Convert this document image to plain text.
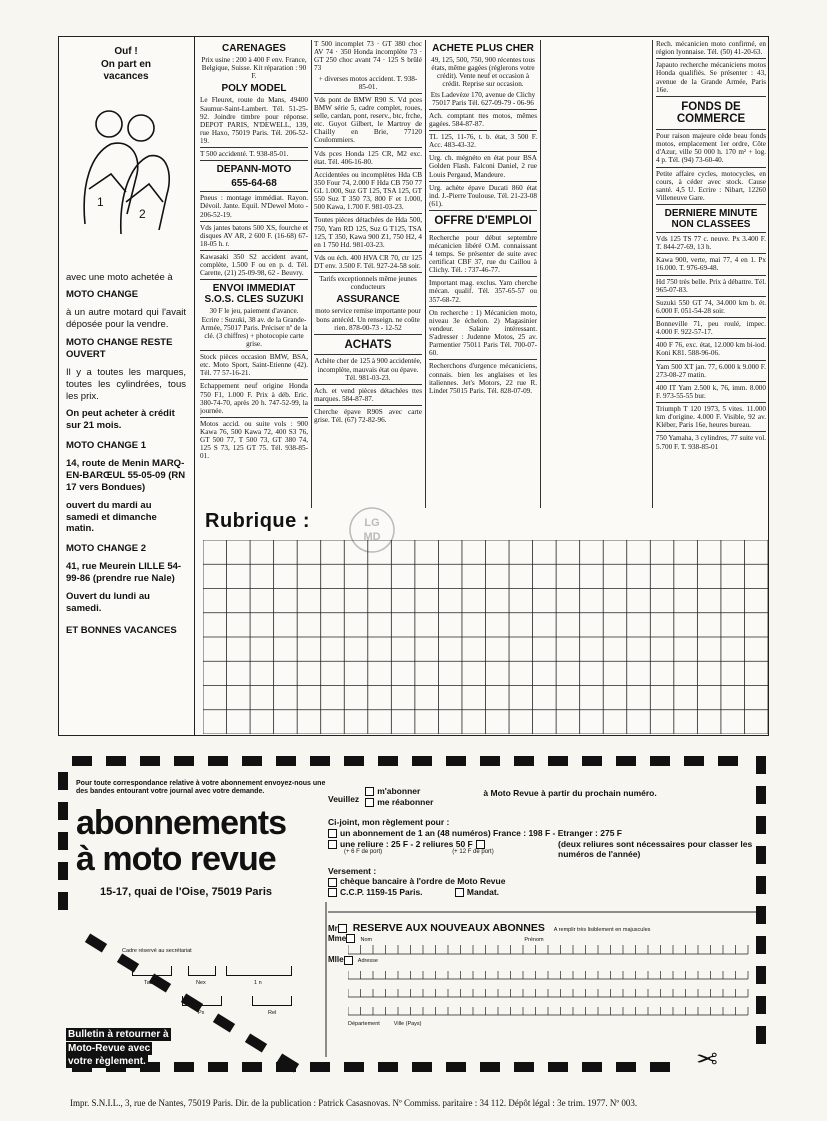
Ouf !
On part en vacances
1
2

avec une moto achetée à

MOTO CHANGE

à un autre motard qui l'avait déposée pour la vendre.

MOTO CHANGE RESTE OUVERT

Il y a toutes les marques, toutes les cylindrées, tous les prix.

On peut acheter à crédit sur 21 mois.

MOTO CHANGE 1

14, route de Menin MARQ-EN-BARŒUL 55-05-09 (RN 17 vers Bondues)

ouvert du mardi au samedi et dimanche matin.

MOTO CHANGE 2

41, rue Meurein LILLE 54-99-86 (prendre rue Nale)

Ouvert du lundi au samedi.

ET BONNES VACANCES

CARENAGES

Prix usine : 200 à 400 F env. France, Belgique, Suisse. Kit réparation : 90 F.

POLY MODEL

Le Fleuret, route du Mans, 49400 Saumur-Saint-Lambert. Tél. 51-25-92. Joindre timbre pour réponse. DEPOT PARIS, N'DEWELL, 139, rue Haxo, 75019 Paris. Tél. 206-52-19.

T 500 accidenté. T. 938-85-01.

DEPANN-MOTO
655-64-68

Pneus : montage immédiat. Rayon. Dévoil. Jante. Equil. N'Dewel Moto - 206-52-19.

Vds jantes batons 500 XS, fourche et disques AV AR, 2 600 F. (16-68) 67-18-05 h. r.

Kawasaki 350 S2 accident avant, complète, 1.500 F ou en p. d. Tél. Carette, (21) 25-09-98, 62 - Beuvry.

ENVOI IMMEDIAT S.O.S. CLES SUZUKI

30 F le jeu, paiement d'avance. Ecrire : Suzuki, 38 av. de la Grande-Armée, 75017 Paris. Préciser nº de la clé. (3 chiffres) + photocopie carte grise.

Stock pièces occasion BMW, BSA, etc. Moto Sport, Saint-Etienne (42). Tél. 77 57-16-21.

Echappement neuf origine Honda 750 F1, 1.000 F. Prix à déb. Eric. 380-74-70, après 20 h. 747-52-99, la journée.

Motos accid. ou suite vols : 900 Kawa 76, 500 Kawa 72, 400 S3 76, GT 500 77, T 500 73, GT 380 74, 125 S 73, 125 GT 75. Tél. 938-85-01.

T 500 incomplet 73 · GT 380 choc AV 74 · 350 Honda incomplète 73 · GT 250 choc avant 74 · 125 S brûlé 73

+ diverses motos accident. T. 938-85-01.

Vds pont de BMW R90 S. Vd pces BMW série 5, cadre complet, roues, selle, cardan, pont, reserv., btc, frche, etc. Guyot Gilbert, le Martroy de Chailly en Brie, 77120 Coulommiers.

Vds pces Honda 125 CR, M2 exc. état. Tél. 406-16-80.

Accidentées ou incomplètes Hda CB 350 Four 74, 2.000 F Hda CB 750 77 GL 1.000, Suz GT 125, TSA 125, GT 550 Suz T 350 73, 800 F et 1.000, 500 Kawa, 1.700 F. 981-03-23.

Toutes pièces détachées de Hda 500, 750, Yam RD 125, Suz G T125, TSA 125, T 350, Kawa 900 Z1, 750 H2, 4 en 1 750 Hd. 981-03-23.

Vds ou éch. 400 HVA CR 70, ctr 125 DT env. 3.500 F. Tél. 927-24-58 soir.

Tarifs exceptionnels même jeunes conducteurs

ASSURANCE

moto service remise importante pour bons antécéd. Un renseign. ne coûte rien. 878-00-73 - 12-52

ACHATS

Achète cher de 125 à 900 accidentée, incomplète, mauvais état ou épave. Tél. 981-03-23.

Ach. et vend pièces détachées ttes marques. 584-87-87.

Cherche épave R90S avec carte grise. Tél. (67) 72-82-96.

ACHETE PLUS CHER

49, 125, 500, 750, 900 récentes tous états, même gagées (réglerons votre crédit). Vente neuf et occasion à crédit. Reprise sur occasion.

Ets Ladevèze 170, avenue de Clichy 75017 Paris Tél. 627-09-79 - 06-96

Ach. comptant ttes motos, mêmes gagées. 584-87-87.

TL 125, 11-76, t. b. état, 3 500 F. Acc. 483-43-32.

Urg. ch. mégnéto en état pour BSA Golden Flash. Falconi Daniel, 2 rue Louis Pergaud, Mandeure.

Urg. achète épave Ducati 860 état ind. J.-Pierre Toulouse. Tél. 21-23-08 (61).

OFFRE D'EMPLOI

Recherche pour début septembre mécanicien libéré O.M. connaissant 4 temps. Se présenter de suite avec certificat CBF 37, rue du Caillou à Clichy. Tél. : 737-46-77.

Important mag. exclus. Yam cherche mécan. qualif. Tél. 357-65-57 ou 357-68-72.

On recherche : 1) Mécanicien moto, niveau 3e échelon. 2) Magasinier vendeur. Salaire intéressant. S'adresser : Judenne Motos, 25 av. Parmentier 75011 Paris Tél. 700-07-60.

Recherchons d'urgence mécaniciens, connais. bien les anglaises et les italiennes. Jet's Motors, 22 rue R. Lindet 75015 Paris. Tél. 828-07-09.

Rech. mécanicien moto confirmé, en région lyonnaise. Tél. (50) 41-20-63.

Japauto recherche mécaniciens motos Honda qualifiés. Se présenter : 43, avenue de la Grande Armée, Paris 16e.

FONDS DE COMMERCE

Pour raison majeure cède beau fonds motos, emplacement 1er ordre, Côte d'Azur, ville 50 000 h. 170 m² + log. 4 p. Tél. (94) 73-60-40.

Petite affaire cycles, motocycles, en cours, à céder avec stock. Cause santé. 4,5 U. Ecrire : Nibart, 12260 Villeneuve Gare.

DERNIERE MINUTE NON CLASSEES

Vds 125 TS 77 c. neuve. Px 3.400 F. T. 844-27-69, 13 h.

Kawa 900, verte, mai 77, 4 en 1. Px 16.000. T. 976-69-48.

Hd 750 très belle. Prix à débattre. Tél. 965-07-83.

Suzuki 550 GT 74, 34.000 km b. ét. 6.000 F. 051-54-28 soir.

Bonneville 71, peu roulé, impec. 4.000 F. 922-57-17.

400 F 76, exc. état, 12.000 km bi-iod. Koni K81. 588-96-06.

Yam 500 XT jan. 77, 6.000 k 9.000 F. 273-08-27 matin.

400 IT Yam 2.500 k, 76, imm. 8.000 F. 973-55-55 bur.

Triumph T 120 1973, 5 vites. 11.000 km d'origine. 4.000 F. Visible, 92 av. Kléber, Paris 16e, heures bureau.

750 Yamaha, 3 cylindres, 77 suite vol. 5.700 F. T. 938-85-01

Rubrique :	LG
MD
Pour toute correspondance relative à votre abonnement envoyez-nous une des bandes entourant votre journal avec votre demande.
abonnements
à moto revue
15-17, quai de l'Oise, 75019 Paris
Veuillez
m'abonner
me réabonner
à Moto Revue à partir du prochain numéro.
Ci-joint, mon règlement pour :
un abonnement de 1 an (48 numéros) France : 198 F - Etranger : 275 F
une reliure : 25 F - 2 reliures 50 F
(+ 6 F de port)	(+ 12 F de port)
(deux reliures sont nécessaires pour classer les numéros de l'année)
Versement :
chèque bancaire à l'ordre de Moto Revue
C.C.P. 1159-15 Paris.	Mandat.
Mr RESERVE AUX NOUVEAUX ABONNES A remplir très lisiblement en majuscules
Mme	Nom	Prénom
Mlle	Adresse
Département	Ville (Pays)
Cadre réservé au secrétariat
Tab	Nex	1 n
Px	Rel
Bulletin à retourner à Moto-Revue avec votre règlement.	✂
Impr. S.N.I.L., 3, rue de Nantes, 75019 Paris. Dir. de la publication : Patrick Casasnovas. Nº Commiss. paritaire : 34 112. Dépôt légal : 3e trim. 1977. Nº 003.
